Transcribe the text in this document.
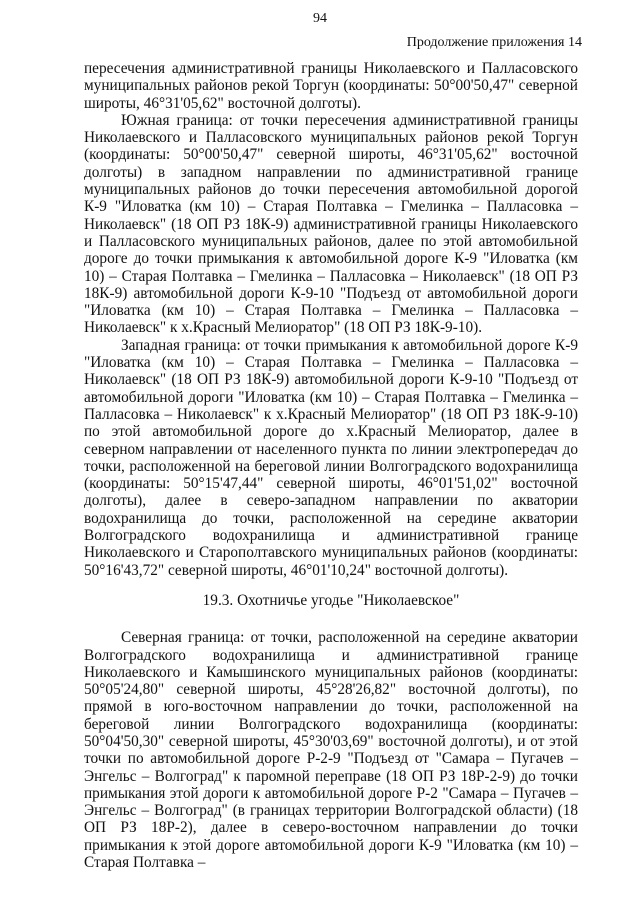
94
Продолжение приложения 14

пересечения административной границы Николаевского и Палласовского муниципальных районов рекой Торгун (координаты: 50°00'50,47" северной широты, 46°31'05,62" восточной долготы).

Южная граница: от точки пересечения административной границы Николаевского и Палласовского муниципальных районов рекой Торгун (координаты: 50°00'50,47" северной широты, 46°31'05,62" восточной долготы) в западном направлении по административной границе муниципальных районов до точки пересечения автомобильной дорогой К-9 "Иловатка (км 10) – Старая Полтавка – Гмелинка – Палласовка – Николаевск" (18 ОП РЗ 18К-9) административной границы Николаевского и Палласовского муниципальных районов, далее по этой автомобильной дороге до точки примыкания к автомобильной дороге К-9 "Иловатка (км 10) – Старая Полтавка – Гмелинка – Палласовка – Николаевск" (18 ОП РЗ 18К-9) автомобильной дороги К-9-10 "Подъезд от автомобильной дороги "Иловатка (км 10) – Старая Полтавка – Гмелинка – Палласовка – Николаевск" к х.Красный Мелиоратор" (18 ОП РЗ 18К-9-10).

Западная граница: от точки примыкания к автомобильной дороге К-9 "Иловатка (км 10) – Старая Полтавка – Гмелинка – Палласовка – Николаевск" (18 ОП РЗ 18К-9) автомобильной дороги К-9-10 "Подъезд от автомобильной дороги "Иловатка (км 10) – Старая Полтавка – Гмелинка – Палласовка – Николаевск" к х.Красный Мелиоратор" (18 ОП РЗ 18К-9-10) по этой автомобильной дороге до х.Красный Мелиоратор, далее в северном направлении от населенного пункта по линии электропередач до точки, расположенной на береговой линии Волгоградского водохранилища (координаты: 50°15'47,44" северной широты, 46°01'51,02" восточной долготы), далее в северо-западном направлении по акватории водохранилища до точки, расположенной на середине акватории Волгоградского водохранилища и административной границе Николаевского и Старополтавского муниципальных районов (координаты: 50°16'43,72" северной широты, 46°01'10,24" восточной долготы).

19.3. Охотничье угодье "Николаевское"

Северная граница: от точки, расположенной на середине акватории Волгоградского водохранилища и административной границе Николаевского и Камышинского муниципальных районов (координаты: 50°05'24,80" северной широты, 45°28'26,82" восточной долготы), по прямой в юго-восточном направлении до точки, расположенной на береговой линии Волгоградского водохранилища (координаты: 50°04'50,30" северной широты, 45°30'03,69" восточной долготы), и от этой точки по автомобильной дороге Р-2-9 "Подъезд от "Самара – Пугачев – Энгельс – Волгоград" к паромной переправе (18 ОП РЗ 18Р-2-9) до точки примыкания этой дороги к автомобильной дороге Р-2 "Самара – Пугачев – Энгельс – Волгоград" (в границах территории Волгоградской области) (18 ОП РЗ 18Р-2), далее в северо-восточном направлении до точки примыкания к этой дороге автомобильной дороги К-9 "Иловатка (км 10) – Старая Полтавка –
